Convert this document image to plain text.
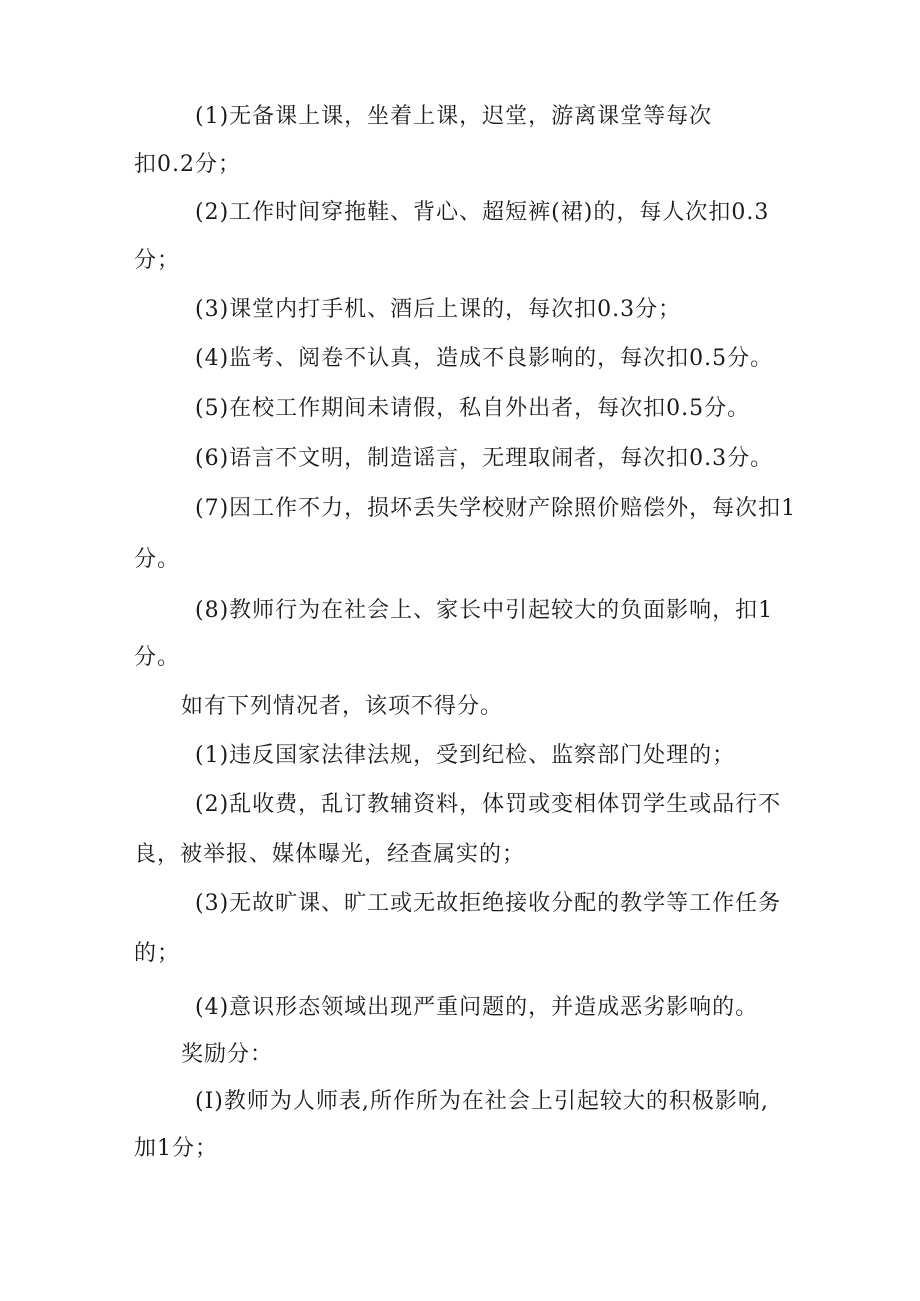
(1)无备课上课，坐着上课，迟堂，游离课堂等每次
扣0.2分；
(2)工作时间穿拖鞋、背心、超短裤(裙)的，每人次扣0.3
分；
(3)课堂内打手机、酒后上课的，每次扣0.3分；
(4)监考、阅卷不认真，造成不良影响的，每次扣0.5分。
(5)在校工作期间未请假，私自外出者，每次扣0.5分。
(6)语言不文明，制造谣言，无理取闹者，每次扣0.3分。
(7)因工作不力，损坏丢失学校财产除照价赔偿外，每次扣1
分。
(8)教师行为在社会上、家长中引起较大的负面影响，扣1
分。
如有下列情况者，该项不得分。
(1)违反国家法律法规，受到纪检、监察部门处理的；
(2)乱收费，乱订教辅资料，体罚或变相体罚学生或品行不
良，被举报、媒体曝光，经查属实的；
(3)无故旷课、旷工或无故拒绝接收分配的教学等工作任务
的；
(4)意识形态领域出现严重问题的，并造成恶劣影响的。
奖励分：
(I)教师为人师表,所作所为在社会上引起较大的积极影响,
加1分；
